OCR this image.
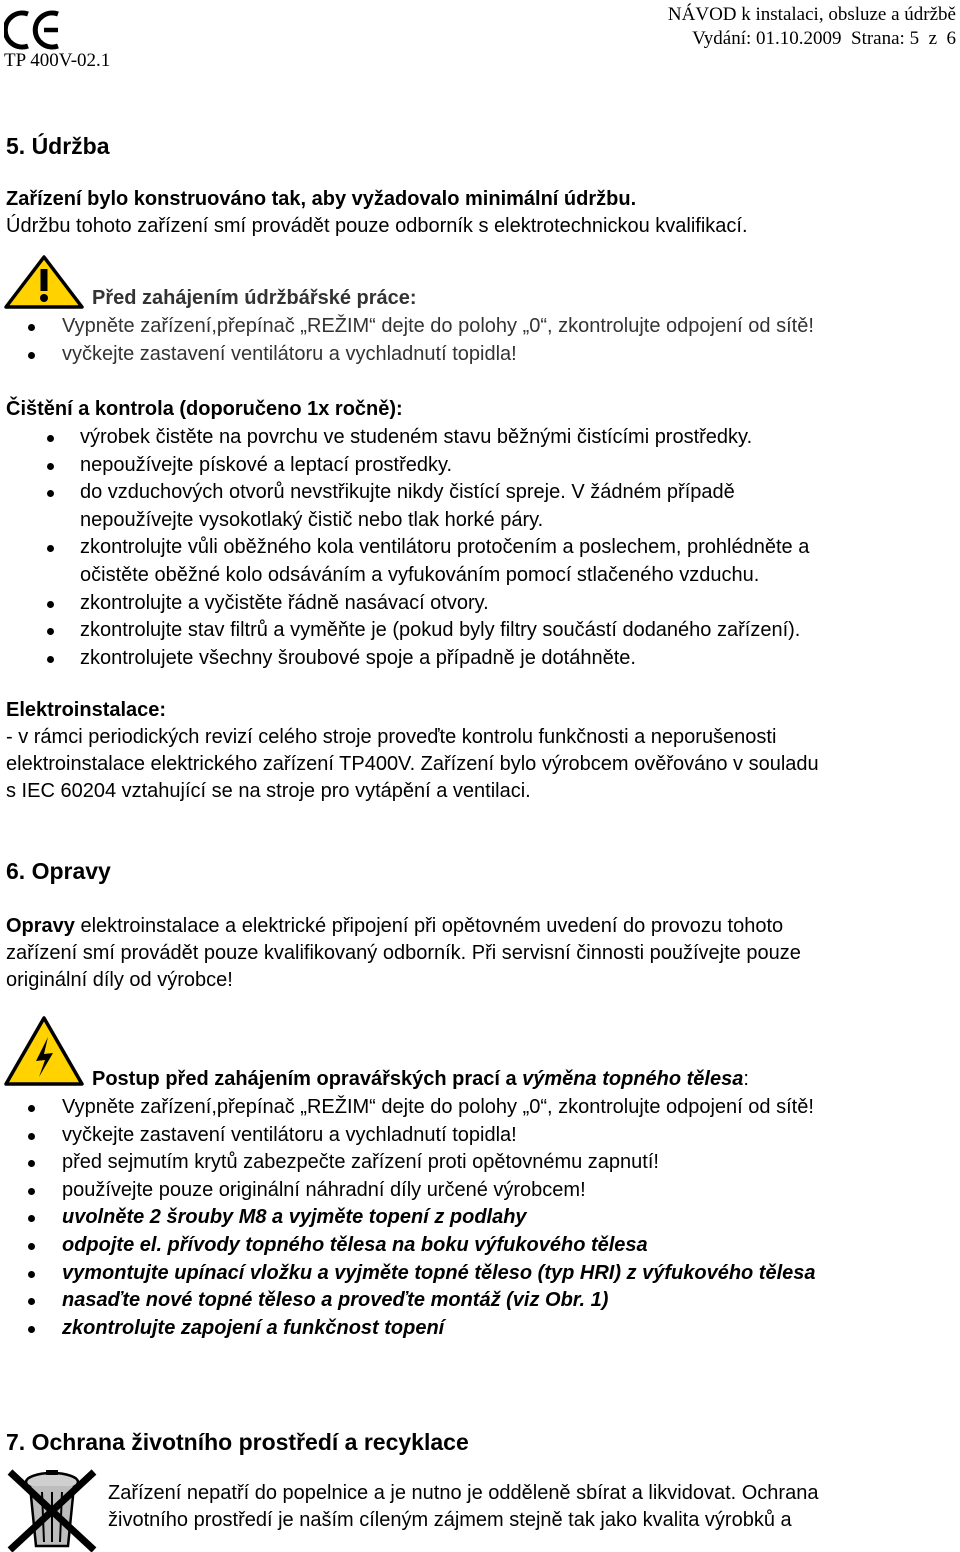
TP 400V-02.1
NÁVOD k instalaci, obsluze a údržbě
Vydání: 01.10.2009  Strana: 5  z  6
5. Údržba
Zařízení bylo konstruováno tak, aby vyžadovalo minimální údržbu.
Údržbu tohoto zařízení smí provádět pouze odborník s elektrotechnickou kvalifikací.
Před zahájením údržbářské práce:
Vypněte zařízení,přepínač „REŽIM“ dejte do polohy „0“, zkontrolujte odpojení od sítě!
vyčkejte zastavení ventilátoru a vychladnutí topidla!
Čištění a kontrola (doporučeno 1x ročně):
výrobek čistěte na povrchu ve studeném stavu běžnými čistícími prostředky.
nepoužívejte pískové a leptací prostředky.
do vzduchových otvorů nevstřikujte nikdy čistící spreje. V žádném případě
nepoužívejte vysokotlaký čistič nebo tlak horké páry.
zkontrolujte vůli oběžného kola ventilátoru protočením a poslechem, prohlédněte a
očistěte oběžné kolo odsáváním a vyfukováním pomocí stlačeného vzduchu.
zkontrolujte a vyčistěte řádně nasávací otvory.
zkontrolujte stav filtrů a vyměňte je (pokud byly filtry součástí dodaného zařízení).
zkontrolujete všechny šroubové spoje a případně je dotáhněte.
Elektroinstalace:
- v rámci periodických revizí celého stroje proveďte kontrolu funkčnosti a neporušenosti
elektroinstalace elektrického zařízení TP400V. Zařízení bylo výrobcem ověřováno v souladu
s IEC 60204 vztahující se na stroje pro vytápění a ventilaci.
6. Opravy
Opravy elektroinstalace a elektrické připojení při opětovném uvedení do provozu tohoto
zařízení smí provádět pouze kvalifikovaný odborník. Při servisní činnosti používejte pouze
originální díly od výrobce!
Postup před zahájením opravářských prací a výměna topného tělesa:
Vypněte zařízení,přepínač „REŽIM“ dejte do polohy „0“, zkontrolujte odpojení od sítě!
vyčkejte zastavení ventilátoru a vychladnutí topidla!
před sejmutím krytů zabezpečte zařízení proti opětovnému zapnutí!
používejte pouze originální náhradní díly určené výrobcem!
uvolněte 2 šrouby M8 a vyjměte topení z podlahy
odpojte el. přívody topného tělesa na boku výfukového tělesa
vymontujte upínací vložku a vyjměte topné těleso (typ HRI) z výfukového tělesa
nasaďte nové topné těleso a proveďte montáž (viz Obr. 1)
zkontrolujte zapojení a funkčnost topení
7. Ochrana životního prostředí a recyklace
Zařízení nepatří do popelnice a je nutno je odděleně sbírat a likvidovat. Ochrana
životního prostředí je naším cíleným zájmem stejně tak jako kvalita výrobků a
